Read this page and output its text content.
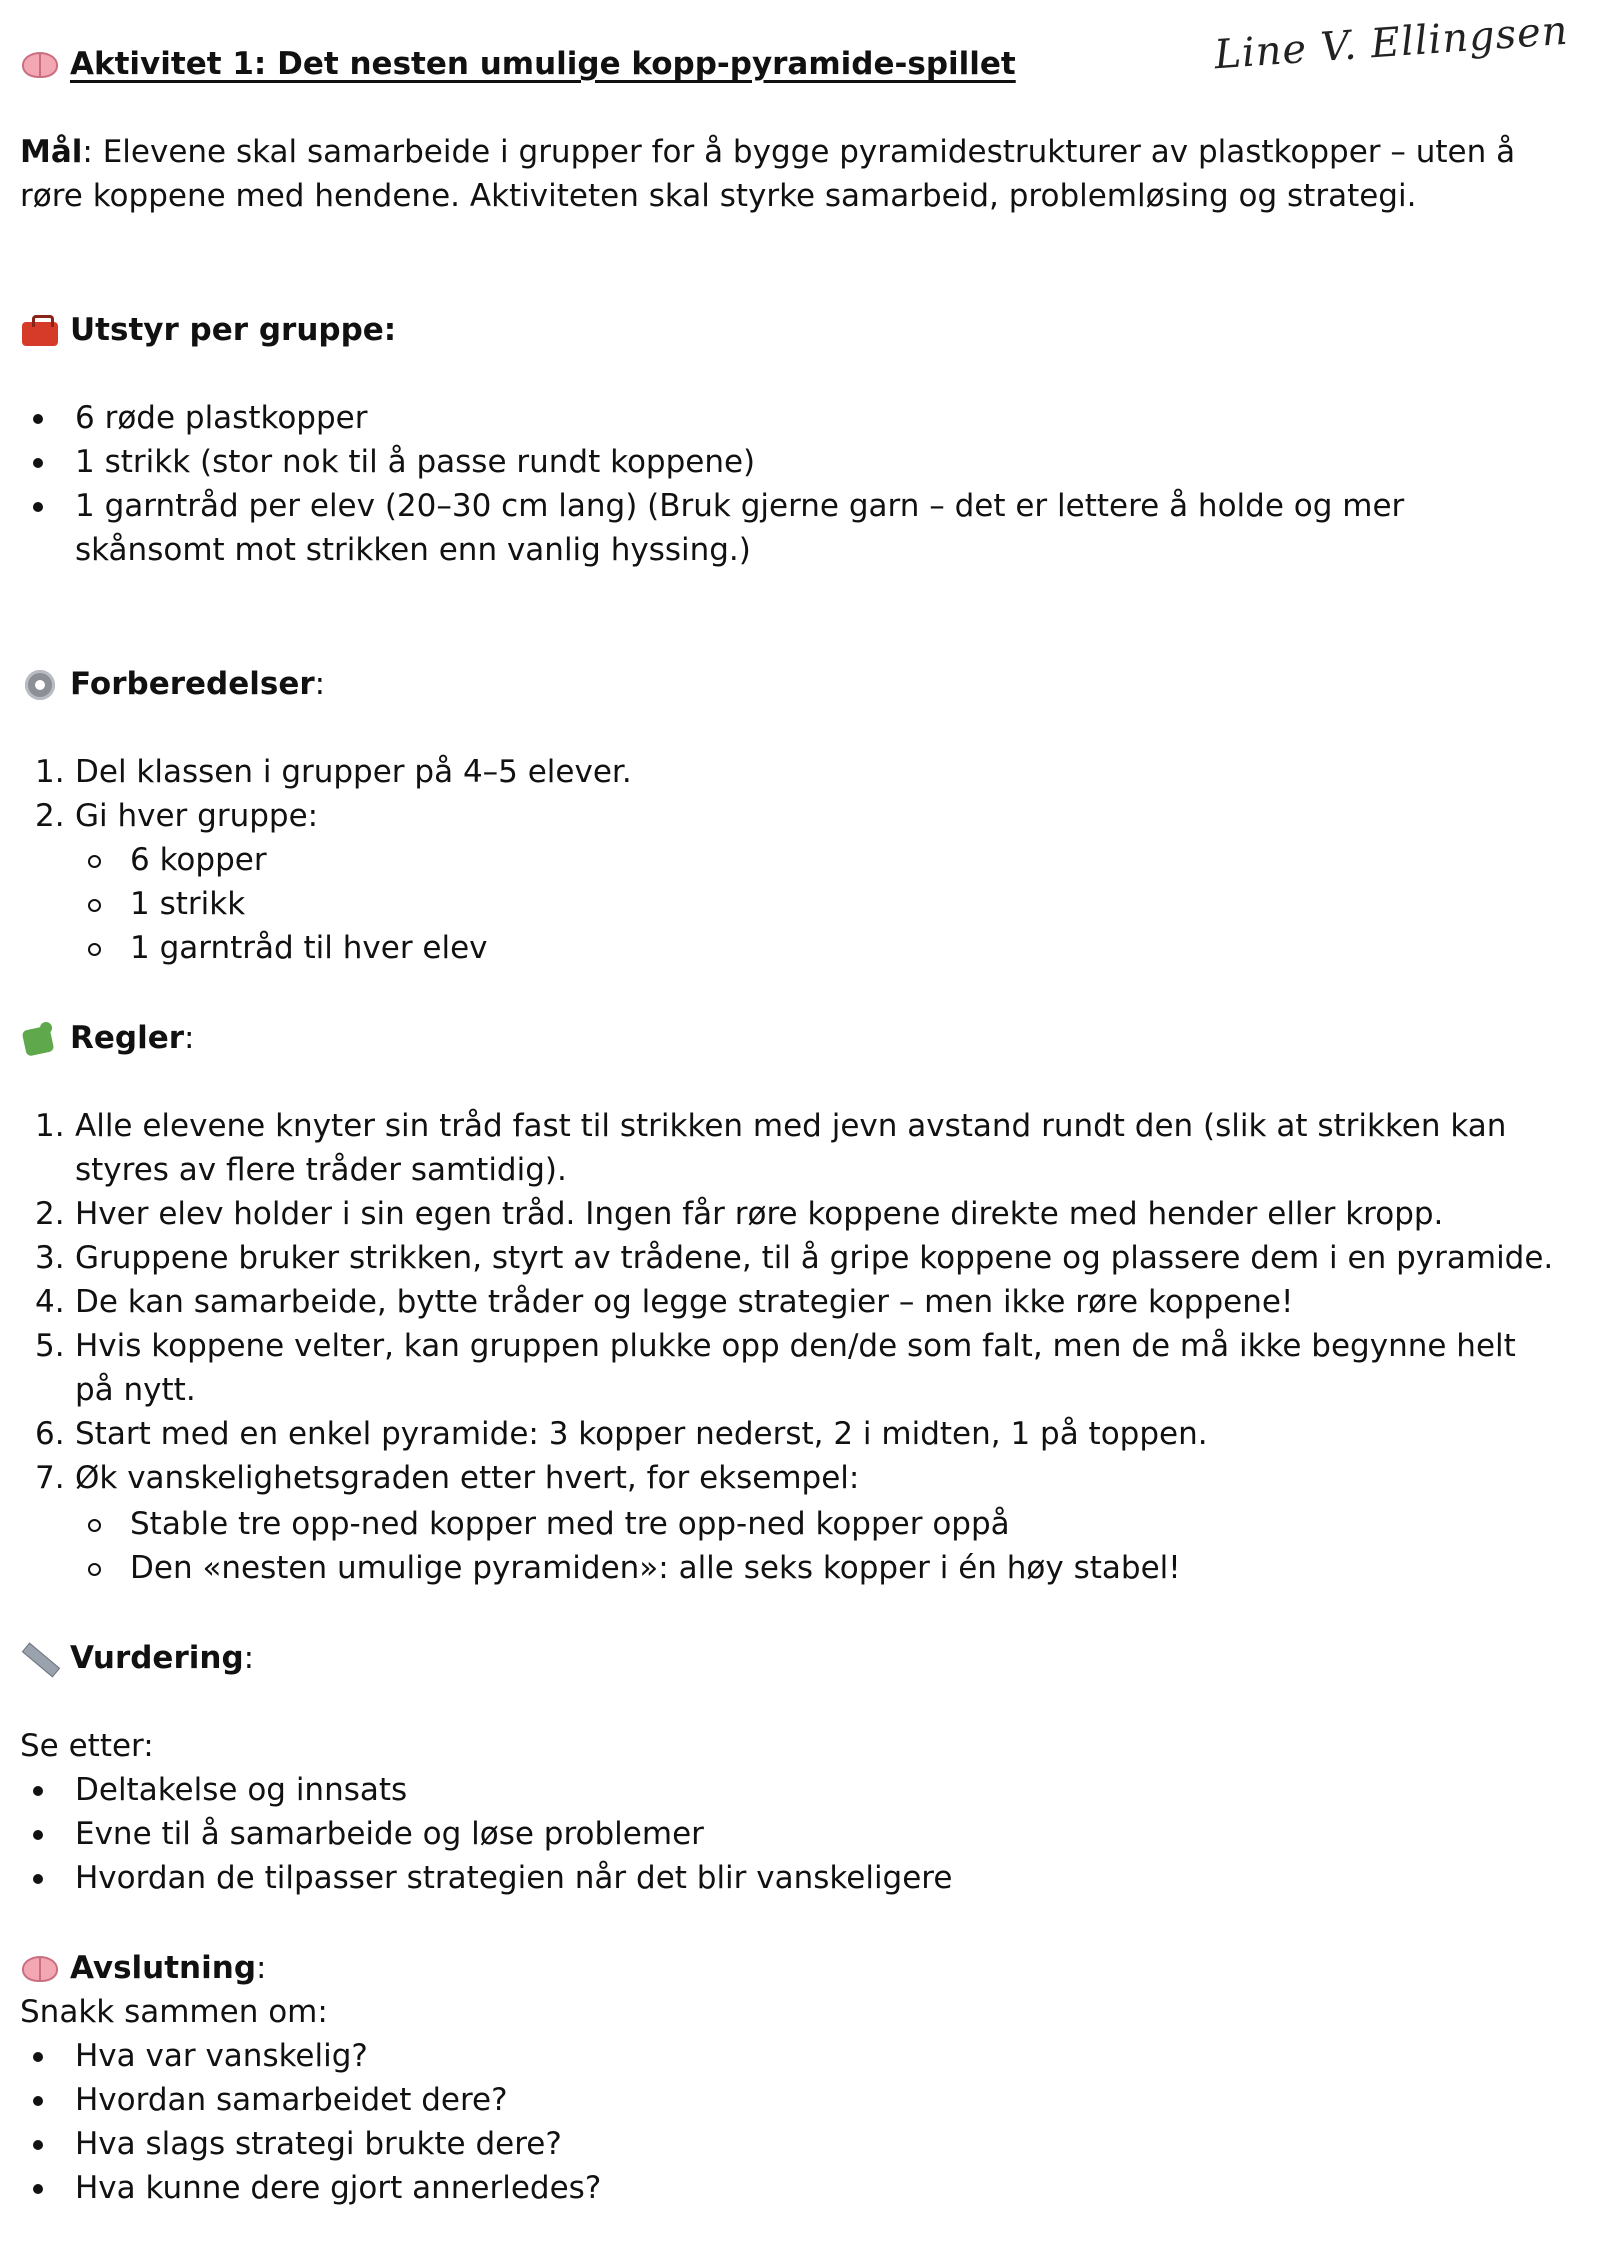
Line V. Ellingsen
Aktivitet 1: Det nesten umulige kopp-pyramide-spillet

Mål: Elevene skal samarbeide i grupper for å bygge pyramidestrukturer av plastkopper – uten å røre koppene med hendene. Aktiviteten skal styrke samarbeid, problemløsing og strategi.

Utstyr per gruppe:
6 røde plastkopper
1 strikk (stor nok til å passe rundt koppene)
1 garntråd per elev (20–30 cm lang) (Bruk gjerne garn – det er lettere å holde og mer skånsomt mot strikken enn vanlig hyssing.)
Forberedelser:
1. Del klassen i grupper på 4–5 elever.
2. Gi hver gruppe:
6 kopper
1 strikk
1 garntråd til hver elev
Regler:
1. Alle elevene knyter sin tråd fast til strikken med jevn avstand rundt den (slik at strikken kan styres av flere tråder samtidig).
2. Hver elev holder i sin egen tråd. Ingen får røre koppene direkte med hender eller kropp.
3. Gruppene bruker strikken, styrt av trådene, til å gripe koppene og plassere dem i en pyramide.
4. De kan samarbeide, bytte tråder og legge strategier – men ikke røre koppene!
5. Hvis koppene velter, kan gruppen plukke opp den/de som falt, men de må ikke begynne helt på nytt.
6. Start med en enkel pyramide: 3 kopper nederst, 2 i midten, 1 på toppen.
7. Øk vanskelighetsgraden etter hvert, for eksempel:
Stable tre opp-ned kopper med tre opp-ned kopper oppå
Den «nesten umulige pyramiden»: alle seks kopper i én høy stabel!
Vurdering:

Se etter:

Deltakelse og innsats
Evne til å samarbeide og løse problemer
Hvordan de tilpasser strategien når det blir vanskeligere
Avslutning:

Snakk sammen om:

Hva var vanskelig?
Hvordan samarbeidet dere?
Hva slags strategi brukte dere?
Hva kunne dere gjort annerledes?
